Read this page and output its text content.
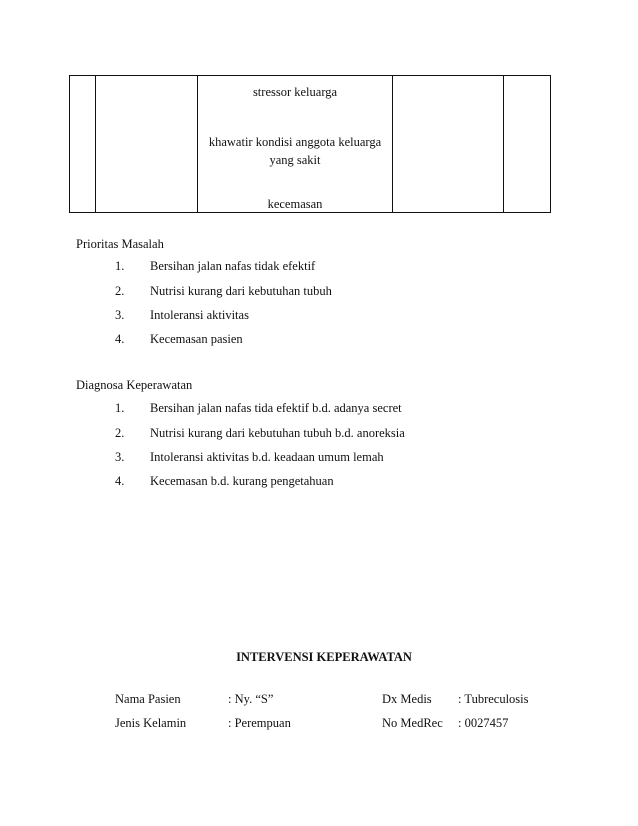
stressor keluarga
khawatir kondisi anggota keluarga
yang sakit
kecemasan
Prioritas Masalah
1. Bersihan jalan nafas tidak efektif
2. Nutrisi kurang dari kebutuhan tubuh
3. Intoleransi aktivitas
4. Kecemasan pasien
Diagnosa Keperawatan
1. Bersihan jalan nafas tida efektif b.d. adanya secret
2. Nutrisi kurang dari kebutuhan tubuh b.d. anoreksia
3. Intoleransi aktivitas b.d. keadaan umum lemah
4. Kecemasan b.d. kurang pengetahuan
INTERVENSI KEPERAWATAN
Nama Pasien	: Ny. “S”	Dx Medis : Tubreculosis
Jenis Kelamin	: Perempuan	No MedRec : 0027457
